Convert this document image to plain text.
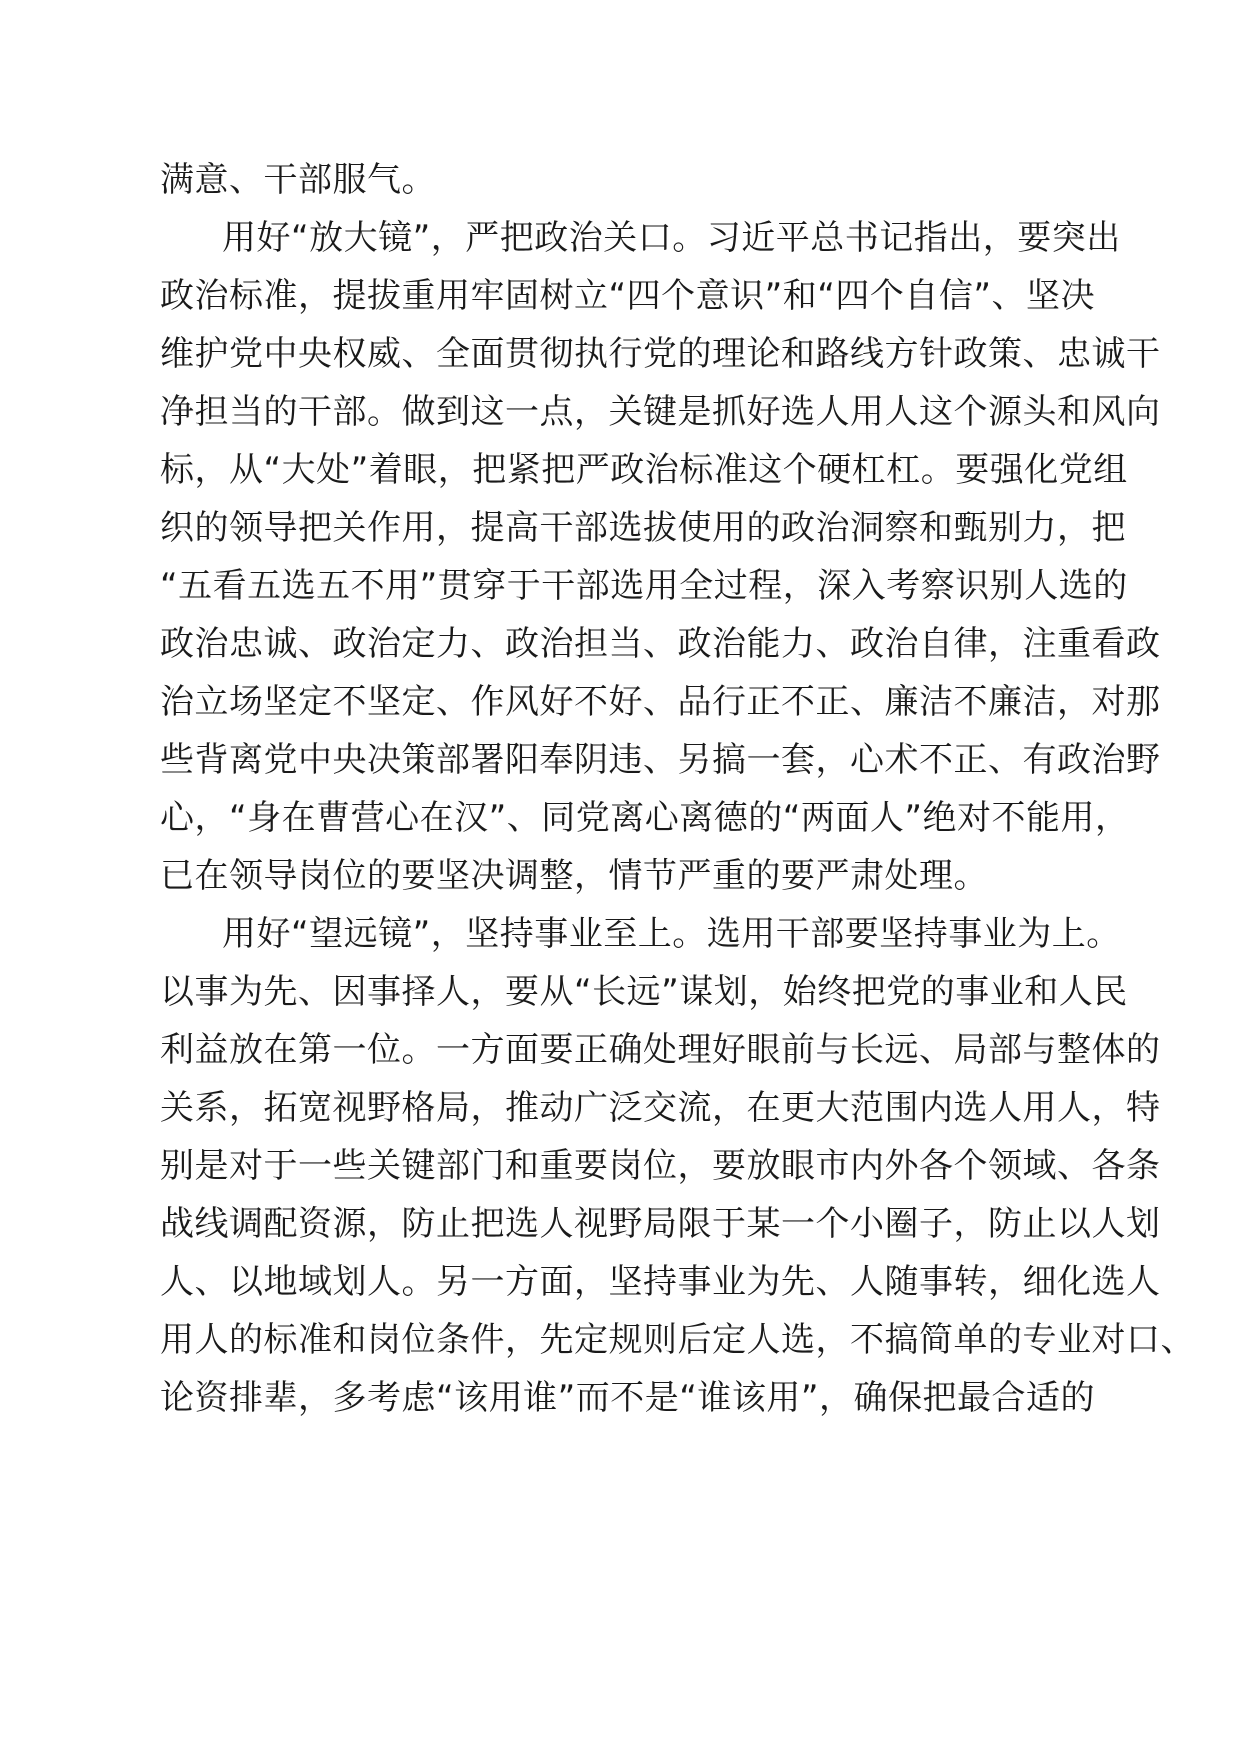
满意、干部服气。
用好“放大镜”，严把政治关口。习近平总书记指出，要突出
政治标准，提拔重用牢固树立“四个意识”和“四个自信”、坚决
维护党中央权威、全面贯彻执行党的理论和路线方针政策、忠诚干
净担当的干部。做到这一点，关键是抓好选人用人这个源头和风向
标，从“大处”着眼，把紧把严政治标准这个硬杠杠。要强化党组
织的领导把关作用，提高干部选拔使用的政治洞察和甄别力，把
“五看五选五不用”贯穿于干部选用全过程，深入考察识别人选的
政治忠诚、政治定力、政治担当、政治能力、政治自律，注重看政
治立场坚定不坚定、作风好不好、品行正不正、廉洁不廉洁，对那
些背离党中央决策部署阳奉阴违、另搞一套，心术不正、有政治野
心，“身在曹营心在汉”、同党离心离德的“两面人”绝对不能用，
已在领导岗位的要坚决调整，情节严重的要严肃处理。
用好“望远镜”，坚持事业至上。选用干部要坚持事业为上。
以事为先、因事择人，要从“长远”谋划，始终把党的事业和人民
利益放在第一位。一方面要正确处理好眼前与长远、局部与整体的
关系，拓宽视野格局，推动广泛交流，在更大范围内选人用人，特
别是对于一些关键部门和重要岗位，要放眼市内外各个领域、各条
战线调配资源，防止把选人视野局限于某一个小圈子，防止以人划
人、以地域划人。另一方面，坚持事业为先、人随事转，细化选人
用人的标准和岗位条件，先定规则后定人选，不搞简单的专业对口、
论资排辈，多考虑“该用谁”而不是“谁该用”，确保把最合适的
